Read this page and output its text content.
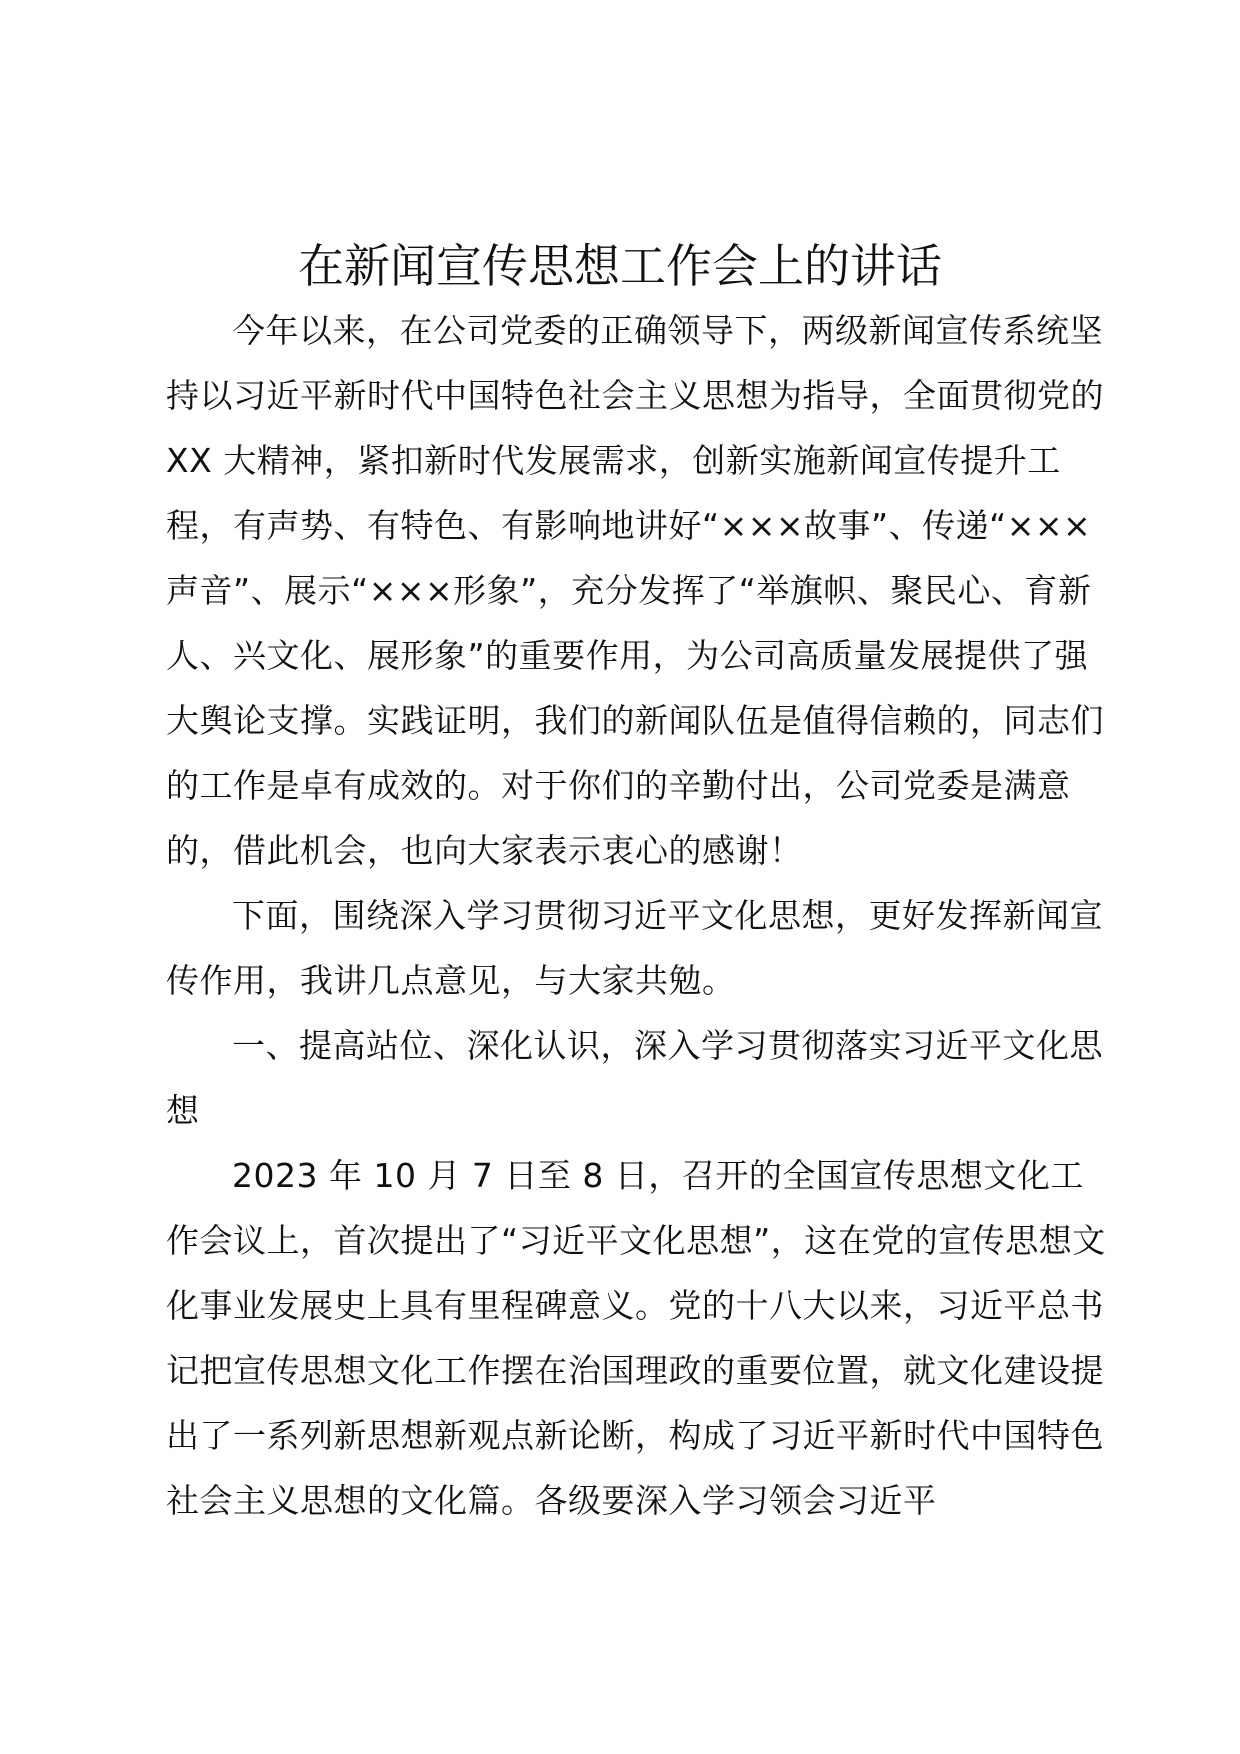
在新闻宣传思想工作会上的讲话

今年以来，在公司党委的正确领导下，两级新闻宣传系统坚持以习近平新时代中国特色社会主义思想为指导，全面贯彻党的 XX 大精神，紧扣新时代发展需求，创新实施新闻宣传提升工程，有声势、有特色、有影响地讲好“×××故事”、传递“×××声音”、展示“×××形象”，充分发挥了“举旗帜、聚民心、育新人、兴文化、展形象”的重要作用，为公司高质量发展提供了强大舆论支撑。实践证明，我们的新闻队伍是值得信赖的，同志们的工作是卓有成效的。对于你们的辛勤付出，公司党委是满意的，借此机会，也向大家表示衷心的感谢！

下面，围绕深入学习贯彻习近平文化思想，更好发挥新闻宣传作用，我讲几点意见，与大家共勉。

一、提高站位、深化认识，深入学习贯彻落实习近平文化思想

2023 年 10 月 7 日至 8 日，召开的全国宣传思想文化工作会议上，首次提出了“习近平文化思想”，这在党的宣传思想文化事业发展史上具有里程碑意义。党的十八大以来，习近平总书记把宣传思想文化工作摆在治国理政的重要位置，就文化建设提出了一系列新思想新观点新论断，构成了习近平新时代中国特色社会主义思想的文化篇。各级要深入学习领会习近平
